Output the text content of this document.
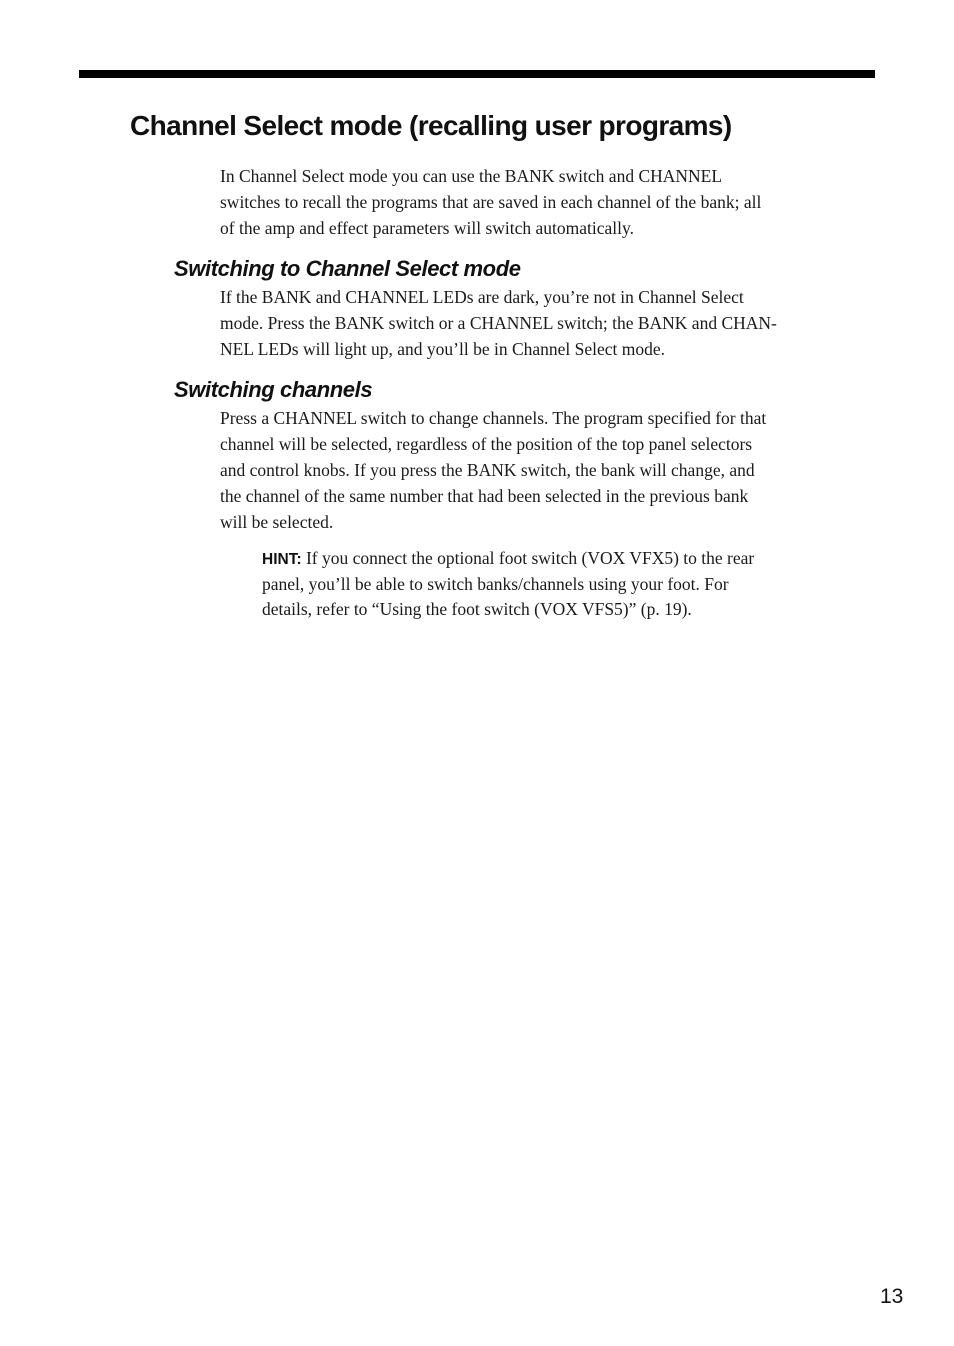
Channel Select mode (recalling user programs)

In Channel Select mode you can use the BANK switch and CHANNEL
switches to recall the programs that are saved in each channel of the bank; all
of the amp and effect parameters will switch automatically.

Switching to Channel Select mode

If the BANK and CHANNEL LEDs are dark, you’re not in Channel Select
mode. Press the BANK switch or a CHANNEL switch; the BANK and CHAN-
NEL LEDs will light up, and you’ll be in Channel Select mode.

Switching channels

Press a CHANNEL switch to change channels. The program specified for that
channel will be selected, regardless of the position of the top panel selectors
and control knobs. If you press the BANK switch, the bank will change, and
the channel of the same number that had been selected in the previous bank
will be selected.

HINT: If you connect the optional foot switch (VOX VFX5) to the rear
panel, you’ll be able to switch banks/channels using your foot. For
details, refer to “Using the foot switch (VOX VFS5)” (p. 19).

13
